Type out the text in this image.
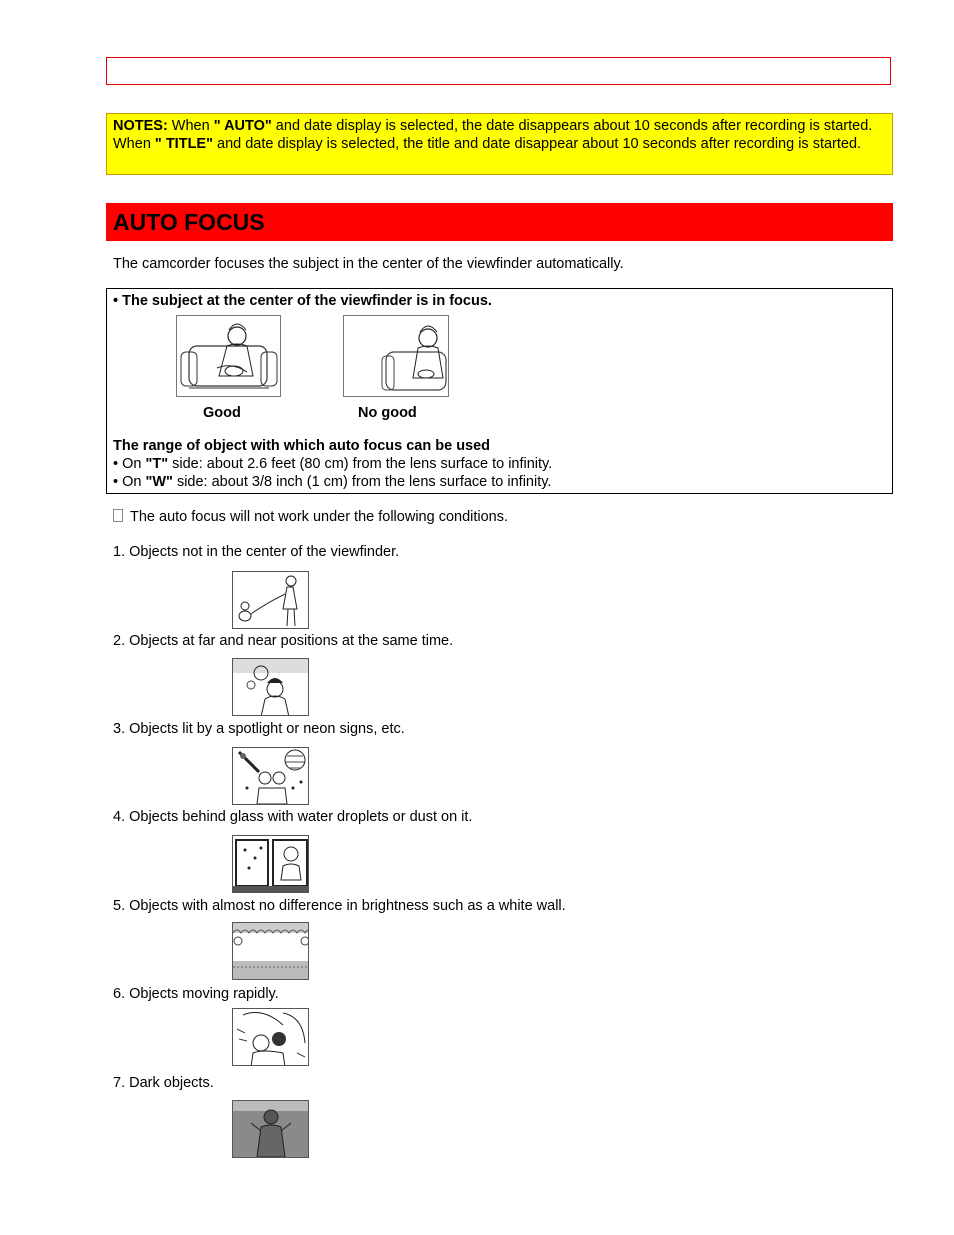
NOTES: When " AUTO" and date display is selected, the date disappears about 10 seconds after recording is started. When " TITLE" and date display is selected, the title and date disappear about 10 seconds after recording is started.
AUTO FOCUS
The camcorder focuses the subject in the center of the viewfinder automatically.
• The subject at the center of the viewfinder is in focus.
Good	No good
The range of object with which auto focus can be used
• On "T" side: about 2.6 feet (80 cm) from the lens surface to infinity.
• On "W" side: about 3/8 inch (1 cm) from the lens surface to infinity.
The auto focus will not work under the following conditions.
1. Objects not in the center of the viewfinder.
2. Objects at far and near positions at the same time.
3. Objects lit by a spotlight or neon signs, etc.
4. Objects behind glass with water droplets or dust on it.
5. Objects with almost no difference in brightness such as a white wall.
6. Objects moving rapidly.
7. Dark objects.
